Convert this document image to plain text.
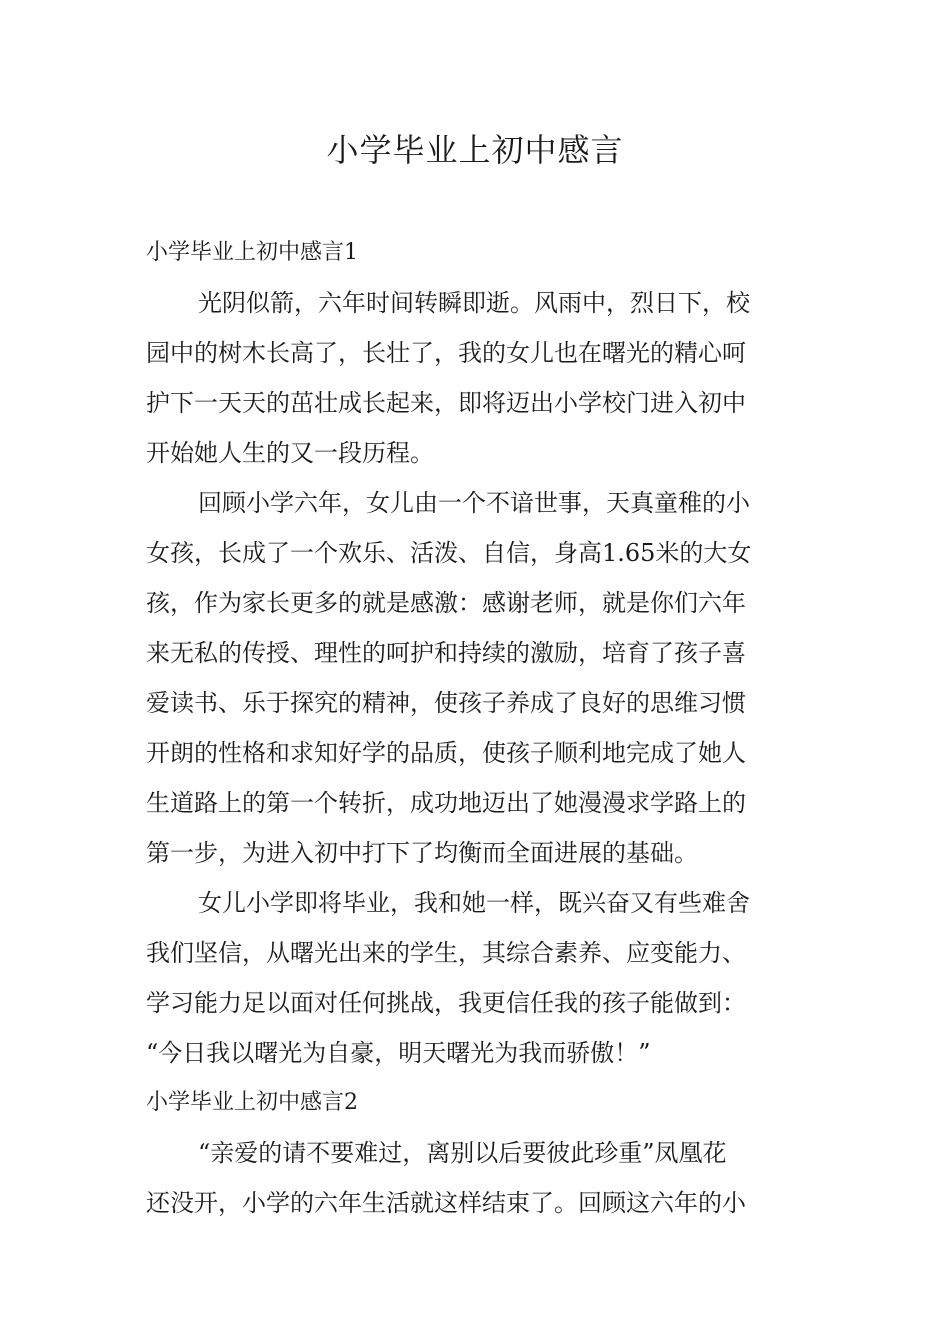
小学毕业上初中感言
小学毕业上初中感言1
光阴似箭，六年时间转瞬即逝。风雨中，烈日下，校
园中的树木长高了，长壮了，我的女儿也在曙光的精心呵
护下一天天的茁壮成长起来，即将迈出小学校门进入初中
开始她人生的又一段历程。
回顾小学六年，女儿由一个不谙世事，天真童稚的小
女孩，长成了一个欢乐、活泼、自信，身高1.65米的大女
孩，作为家长更多的就是感激：感谢老师，就是你们六年
来无私的传授、理性的呵护和持续的激励，培育了孩子喜
爱读书、乐于探究的精神，使孩子养成了良好的思维习惯
开朗的性格和求知好学的品质，使孩子顺利地完成了她人
生道路上的第一个转折，成功地迈出了她漫漫求学路上的
第一步，为进入初中打下了均衡而全面进展的基础。
女儿小学即将毕业，我和她一样，既兴奋又有些难舍
我们坚信，从曙光出来的学生，其综合素养、应变能力、
学习能力足以面对任何挑战，我更信任我的孩子能做到：
“今日我以曙光为自豪，明天曙光为我而骄傲！”
小学毕业上初中感言2
“亲爱的请不要难过，离别以后要彼此珍重”凤凰花
还没开，小学的六年生活就这样结束了。回顾这六年的小
